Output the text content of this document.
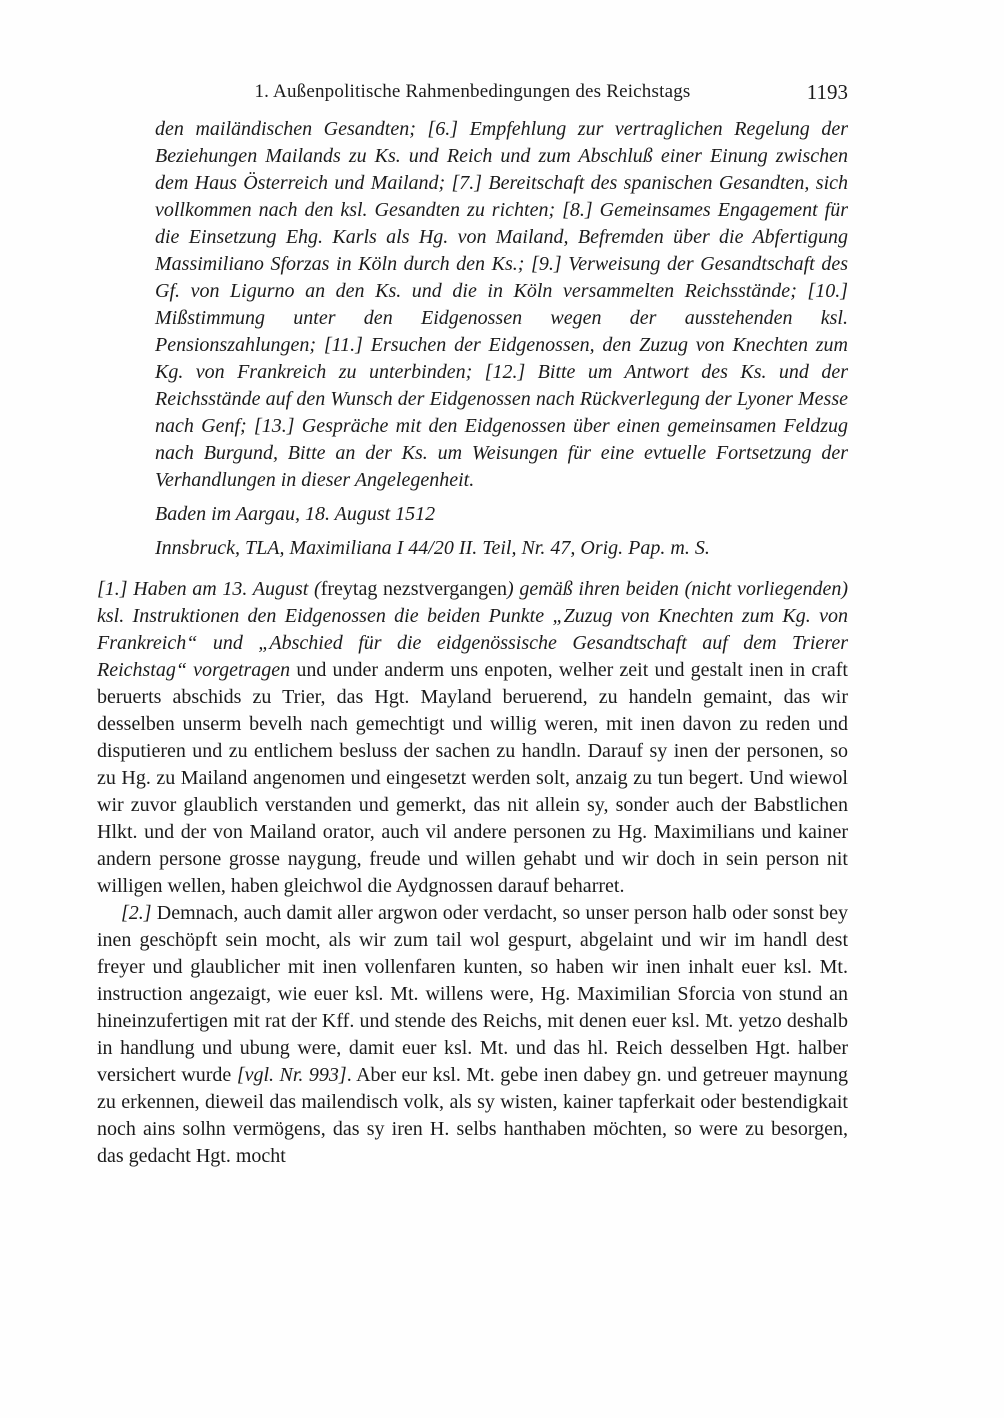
1. Außenpolitische Rahmenbedingungen des Reichstags	1193
den mailändischen Gesandten; [6.] Empfehlung zur vertraglichen Regelung der Beziehungen Mailands zu Ks. und Reich und zum Abschluß einer Einung zwischen dem Haus Österreich und Mailand; [7.] Bereitschaft des spanischen Gesandten, sich vollkommen nach den ksl. Gesandten zu richten; [8.] Gemeinsames Engagement für die Einsetzung Ehg. Karls als Hg. von Mailand, Befremden über die Abfertigung Massimiliano Sforzas in Köln durch den Ks.; [9.] Verweisung der Gesandtschaft des Gf. von Ligurno an den Ks. und die in Köln versammelten Reichsstände; [10.] Mißstimmung unter den Eidgenossen wegen der ausstehenden ksl. Pensionszahlungen; [11.] Ersuchen der Eidgenossen, den Zuzug von Knechten zum Kg. von Frankreich zu unterbinden; [12.] Bitte um Antwort des Ks. und der Reichsstände auf den Wunsch der Eidgenossen nach Rückverlegung der Lyoner Messe nach Genf; [13.] Gespräche mit den Eidgenossen über einen gemeinsamen Feldzug nach Burgund, Bitte an der Ks. um Weisungen für eine evtuelle Fortsetzung der Verhandlungen in dieser Angelegenheit.

Baden im Aargau, 18. August 1512

Innsbruck, TLA, Maximiliana I 44/20 II. Teil, Nr. 47, Orig. Pap. m. S.

[1.] Haben am 13. August (freytag nezstvergangen) gemäß ihren beiden (nicht vorliegenden) ksl. Instruktionen den Eidgenossen die beiden Punkte „Zuzug von Knechten zum Kg. von Frankreich“ und „Abschied für die eidgenössische Gesandtschaft auf dem Trierer Reichstag“ vorgetragen und under anderm uns enpoten, welher zeit und gestalt inen in craft beruerts abschids zu Trier, das Hgt. Mayland beruerend, zu handeln gemaint, das wir desselben unserm bevelh nach gemechtigt und willig weren, mit inen davon zu reden und disputieren und zu entlichem besluss der sachen zu handln. Darauf sy inen der personen, so zu Hg. zu Mailand angenomen und eingesetzt werden solt, anzaig zu tun begert. Und wiewol wir zuvor glaublich verstanden und gemerkt, das nit allein sy, sonder auch der Babstlichen Hlkt. und der von Mailand orator, auch vil andere personen zu Hg. Maximilians und kainer andern persone grosse naygung, freude und willen gehabt und wir doch in sein person nit willigen wellen, haben gleichwol die Aydgnossen darauf beharret.

[2.] Demnach, auch damit aller argwon oder verdacht, so unser person halb oder sonst bey inen geschöpft sein mocht, als wir zum tail wol gespurt, abgelaint und wir im handl dest freyer und glaublicher mit inen vollenfaren kunten, so haben wir inen inhalt euer ksl. Mt. instruction angezaigt, wie euer ksl. Mt. willens were, Hg. Maximilian Sforcia von stund an hineinzufertigen mit rat der Kff. und stende des Reichs, mit denen euer ksl. Mt. yetzo deshalb in handlung und ubung were, damit euer ksl. Mt. und das hl. Reich desselben Hgt. halber versichert wurde [vgl. Nr. 993]. Aber eur ksl. Mt. gebe inen dabey gn. und getreuer maynung zu erkennen, dieweil das mailendisch volk, als sy wisten, kainer tapferkait oder bestendigkait noch ains solhn vermögens, das sy iren H. selbs hanthaben möchten, so were zu besorgen, das gedacht Hgt. mocht
